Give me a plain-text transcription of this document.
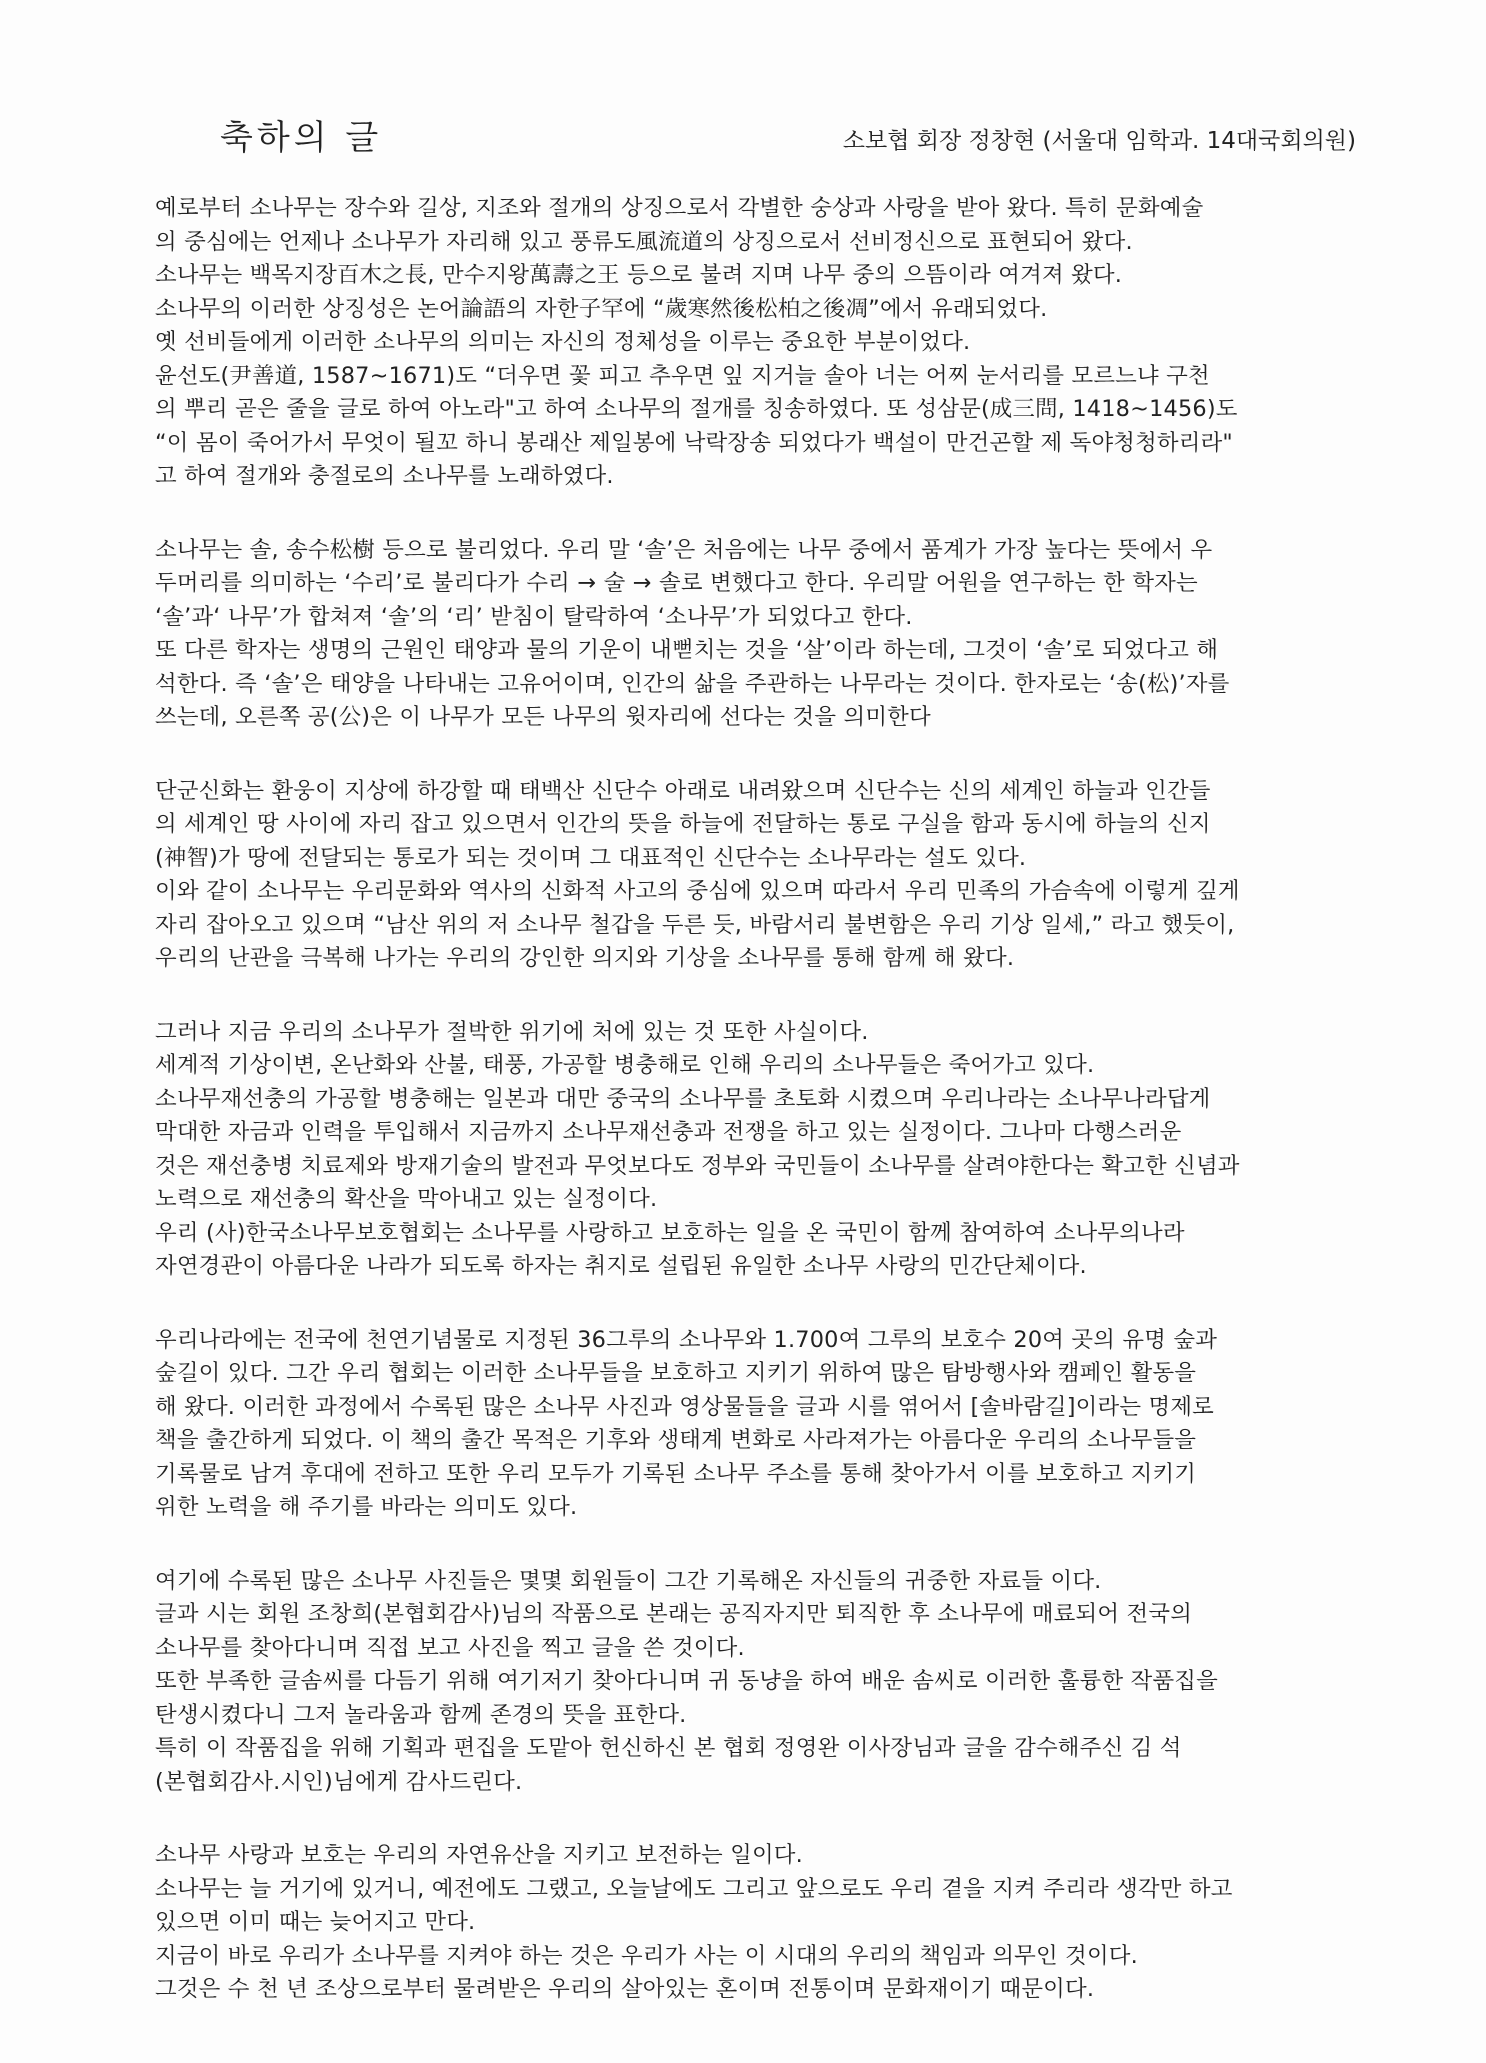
축하의 글	소보협 회장 정창현 (서울대 임학과. 14대국회의원)
예로부터 소나무는 장수와 길상, 지조와 절개의 상징으로서 각별한 숭상과 사랑을 받아 왔다. 특히 문화예술
의 중심에는 언제나 소나무가 자리해 있고 풍류도風流道의 상징으로서 선비정신으로 표현되어 왔다.
소나무는 백목지장百木之長, 만수지왕萬壽之王 등으로 불려 지며 나무 중의 으뜸이라 여겨져 왔다.
소나무의 이러한 상징성은 논어論語의 자한子罕에 “歲寒然後松柏之後凋”에서 유래되었다.
옛 선비들에게 이러한 소나무의 의미는 자신의 정체성을 이루는 중요한 부분이었다.
윤선도(尹善道, 1587~1671)도 “더우면 꽃 피고 추우면 잎 지거늘 솔아 너는 어찌 눈서리를 모르느냐 구천
의 뿌리 곧은 줄을 글로 하여 아노라"고 하여 소나무의 절개를 칭송하였다. 또 성삼문(成三問, 1418~1456)도
“이 몸이 죽어가서 무엇이 될꼬 하니 봉래산 제일봉에 낙락장송 되었다가 백설이 만건곤할 제 독야청청하리라"
고 하여 절개와 충절로의 소나무를 노래하였다.
소나무는 솔, 송수松樹 등으로 불리었다. 우리 말 ‘솔’은 처음에는 나무 중에서 품계가 가장 높다는 뜻에서 우
두머리를 의미하는 ‘수리’로 불리다가 수리 → 술 → 솔로 변했다고 한다. 우리말 어원을 연구하는 한 학자는
‘솔’과‘ 나무’가 합쳐져 ‘솔’의 ‘리’ 받침이 탈락하여 ‘소나무’가 되었다고 한다.
또 다른 학자는 생명의 근원인 태양과 물의 기운이 내뻗치는 것을 ‘살’이라 하는데, 그것이 ‘솔’로 되었다고 해
석한다. 즉 ‘솔’은 태양을 나타내는 고유어이며, 인간의 삶을 주관하는 나무라는 것이다. 한자로는 ‘송(松)’자를
쓰는데, 오른쪽 공(公)은 이 나무가 모든 나무의 윗자리에 선다는 것을 의미한다
단군신화는 환웅이 지상에 하강할 때 태백산 신단수 아래로 내려왔으며 신단수는 신의 세계인 하늘과 인간들
의 세계인 땅 사이에 자리 잡고 있으면서 인간의 뜻을 하늘에 전달하는 통로 구실을 함과 동시에 하늘의 신지
(神智)가 땅에 전달되는 통로가 되는 것이며 그 대표적인 신단수는 소나무라는 설도 있다.
이와 같이 소나무는 우리문화와 역사의 신화적 사고의 중심에 있으며 따라서 우리 민족의 가슴속에 이렇게 깊게
자리 잡아오고 있으며 “남산 위의 저 소나무 철갑을 두른 듯, 바람서리 불변함은 우리 기상 일세,” 라고 했듯이,
우리의 난관을 극복해 나가는 우리의 강인한 의지와 기상을 소나무를 통해 함께 해 왔다.
그러나 지금 우리의 소나무가 절박한 위기에 처에 있는 것 또한 사실이다.
세계적 기상이변, 온난화와 산불, 태풍, 가공할 병충해로 인해 우리의 소나무들은 죽어가고 있다.
소나무재선충의 가공할 병충해는 일본과 대만 중국의 소나무를 초토화 시켰으며 우리나라는 소나무나라답게
막대한 자금과 인력을 투입해서 지금까지 소나무재선충과 전쟁을 하고 있는 실정이다. 그나마 다행스러운
것은 재선충병 치료제와 방재기술의 발전과 무엇보다도 정부와 국민들이 소나무를 살려야한다는 확고한 신념과
노력으로 재선충의 확산을 막아내고 있는 실정이다.
우리 (사)한국소나무보호협회는 소나무를 사랑하고 보호하는 일을 온 국민이 함께 참여하여 소나무의나라
자연경관이 아름다운 나라가 되도록 하자는 취지로 설립된 유일한 소나무 사랑의 민간단체이다.
우리나라에는 전국에 천연기념물로 지정된 36그루의 소나무와 1.700여 그루의 보호수 20여 곳의 유명 숲과
숲길이 있다. 그간 우리 협회는 이러한 소나무들을 보호하고 지키기 위하여 많은 탐방행사와 캠페인 활동을
해 왔다. 이러한 과정에서 수록된 많은 소나무 사진과 영상물들을 글과 시를 엮어서 [솔바람길]이라는 명제로
책을 출간하게 되었다. 이 책의 출간 목적은 기후와 생태계 변화로 사라져가는 아름다운 우리의 소나무들을
기록물로 남겨 후대에 전하고 또한 우리 모두가 기록된 소나무 주소를 통해 찾아가서 이를 보호하고 지키기
위한 노력을 해 주기를 바라는 의미도 있다.
여기에 수록된 많은 소나무 사진들은 몇몇 회원들이 그간 기록해온 자신들의 귀중한 자료들 이다.
글과 시는 회원 조창희(본협회감사)님의 작품으로 본래는 공직자지만 퇴직한 후 소나무에 매료되어 전국의
소나무를 찾아다니며 직접 보고 사진을 찍고 글을 쓴 것이다.
또한 부족한 글솜씨를 다듬기 위해 여기저기 찾아다니며 귀 동냥을 하여 배운 솜씨로 이러한 훌륭한 작품집을
탄생시켰다니 그저 놀라움과 함께 존경의 뜻을 표한다.
특히 이 작품집을 위해 기획과 편집을 도맡아 헌신하신 본 협회 정영완 이사장님과 글을 감수해주신 김 석
(본협회감사.시인)님에게 감사드린다.
소나무 사랑과 보호는 우리의 자연유산을 지키고 보전하는 일이다.
소나무는 늘 거기에 있거니, 예전에도 그랬고, 오늘날에도 그리고 앞으로도 우리 곁을 지켜 주리라 생각만 하고
있으면 이미 때는 늦어지고 만다.
지금이 바로 우리가 소나무를 지켜야 하는 것은 우리가 사는 이 시대의 우리의 책임과 의무인 것이다.
그것은 수 천 년 조상으로부터 물려받은 우리의 살아있는 혼이며 전통이며 문화재이기 때문이다.
